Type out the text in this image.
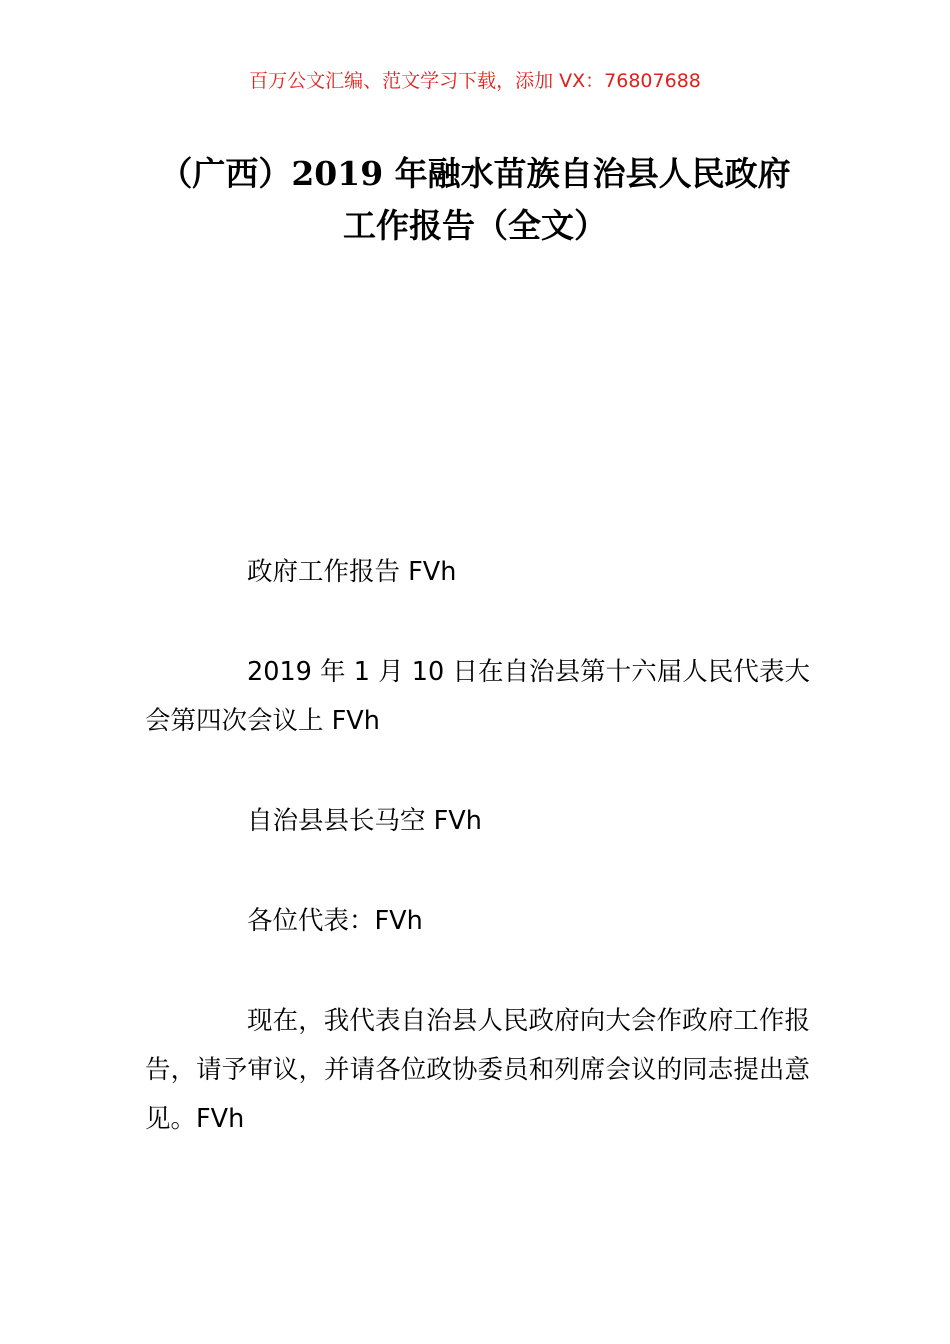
百万公文汇编、范文学习下载，添加 VX：76807688
（广西）2019 年融水苗族自治县人民政府
工作报告（全文）

政府工作报告 FVh

2019 年 1 月 10 日在自治县第十六届人民代表大会第四次会议上 FVh

自治县县长马空 FVh

各位代表：FVh

现在，我代表自治县人民政府向大会作政府工作报告，请予审议，并请各位政协委员和列席会议的同志提出意见。FVh
